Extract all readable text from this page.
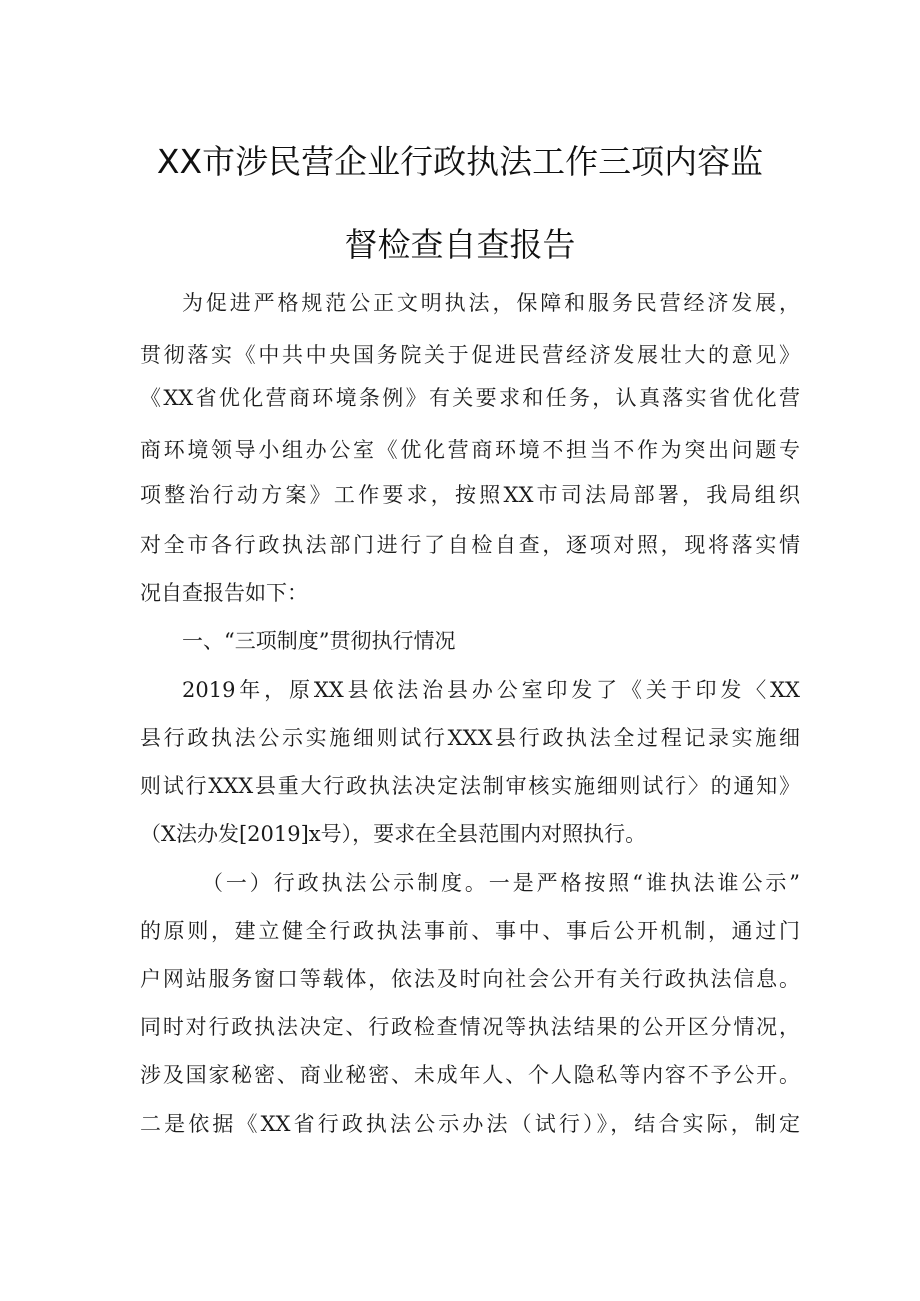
XX市涉民营企业行政执法工作三项内容监
督检查自查报告
为促进严格规范公正文明执法，保障和服务民营经济发展，
贯彻落实《中共中央国务院关于促进民营经济发展壮大的意见》
《XX省优化营商环境条例》有关要求和任务，认真落实省优化营
商环境领导小组办公室《优化营商环境不担当不作为突出问题专
项整治行动方案》工作要求，按照XX市司法局部署，我局组织
对全市各行政执法部门进行了自检自查，逐项对照，现将落实情
况自查报告如下：
一、“三项制度”贯彻执行情况
2019年，原XX县依法治县办公室印发了《关于印发〈XX
县行政执法公示实施细则试行XXX县行政执法全过程记录实施细
则试行XXX县重大行政执法决定法制审核实施细则试行〉的通知》
（X法办发[2019]x号），要求在全县范围内对照执行。
（一）行政执法公示制度。一是严格按照“谁执法谁公示”
的原则，建立健全行政执法事前、事中、事后公开机制，通过门
户网站服务窗口等载体，依法及时向社会公开有关行政执法信息。
同时对行政执法决定、行政检查情况等执法结果的公开区分情况，
涉及国家秘密、商业秘密、未成年人、个人隐私等内容不予公开。
二是依据《XX省行政执法公示办法（试行）》，结合实际，制定
